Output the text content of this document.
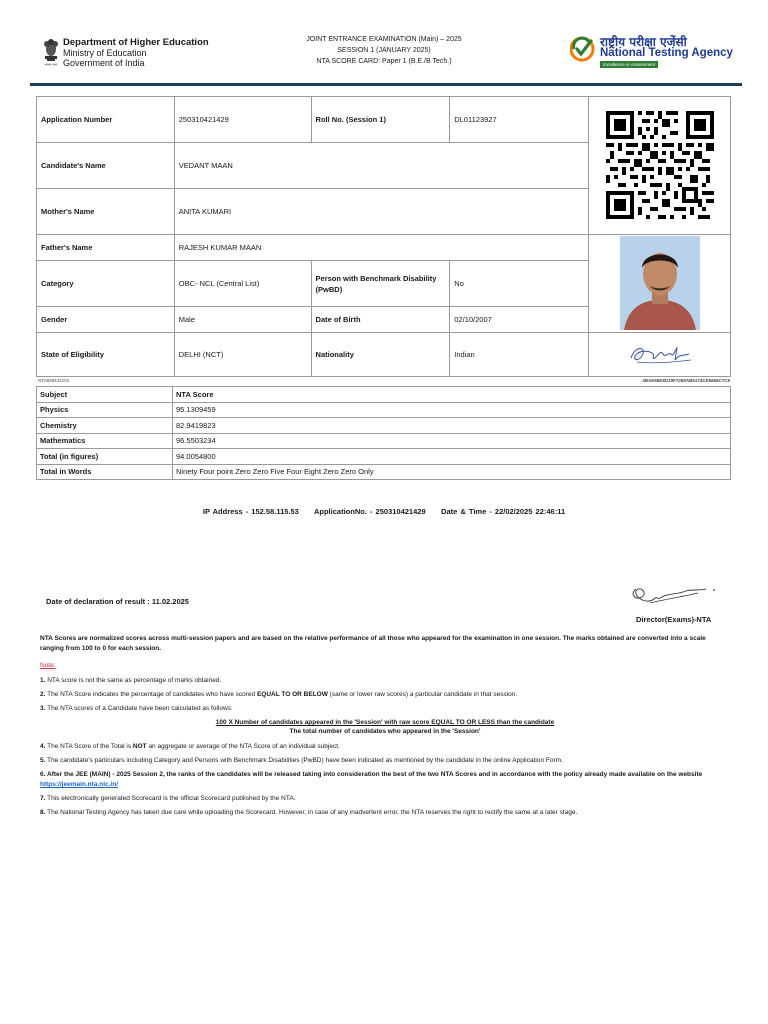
सत्यमेव जयते
Department of Higher Education
Ministry of Education
Government of India
JOINT ENTRANCE EXAMINATION (Main) – 2025
SESSION 1 (JANUARY 2025)
NTA SCORE CARD: Paper 1 (B.E./B Tech.)
राष्ट्रीय परीक्षा एजेंसी
National Testing Agency
Excellence in Assessment
Application Number	250310421429	Roll No. (Session 1)	DL01123927	
Candidate's Name	VEDANT MAAN			
Mother's Name	ANITA KUMARI			
Father's Name	RAJESH KUMAR MAAN	
Category	OBC- NCL (Central List)	Person with Benchmark Disability (PwBD)	No	
Gender	Male	Date of Birth	02/10/2007	
State of Eligibility	DELHI (NCT)	Nationality	Indian	
NTA829442101	3BAE68E8D19F7268AB5174CE6666C7C6
Subject	NTA Score
Physics	95.1309459
Chemistry	82.9419823
Mathematics	96.5503234
Total (in figures)	94.0054800
Total in Words	Ninety Four point Zero Zero Five Four Eight Zero Zero Only
IP Address - 152.58.115.53     ApplicationNo. - 250310421429     Date & Time - 22/02/2025 22:46:11
Date of declaration of result : 11.02.2025
Director(Exams)-NTA

NTA Scores are normalized scores across multi-session papers and are based on the relative performance of all those who appeared for the examination in one session. The marks obtained are converted into a scale ranging from 100 to 0 for each session.

Note:

1. NTA score is not the same as percentage of marks obtained.

2. The NTA Score indicates the percentage of candidates who have scored EQUAL TO OR BELOW (same or lower raw scores) a particular candidate in that session.

3. The NTA scores of a Candidate have been calculated as follows:

100 X Number of candidates appeared in the 'Session' with raw score EQUAL TO OR LESS than the candidate
The total number of candidates who appeared in the 'Session'

4. The NTA Score of the Total is NOT an aggregate or average of the NTA Score of an individual subject.

5. The candidate's particulars including Category and Persons with Benchmark Disabilities (PwBD) have been indicated as mentioned by the candidate in the online Application Form.

6. After the JEE (MAIN) - 2025 Session 2, the ranks of the candidates will be released taking into consideration the best of the two NTA Scores and in accordance with the policy already made available on the website https://jeemain.nta.nic.in/

7. This electronically generated Scorecard is the official Scorecard published by the NTA.

8. The National Testing Agency has taken due care while uploading the Scorecard. However, in case of any inadvertent error, the NTA reserves the right to rectify the same at a later stage.
